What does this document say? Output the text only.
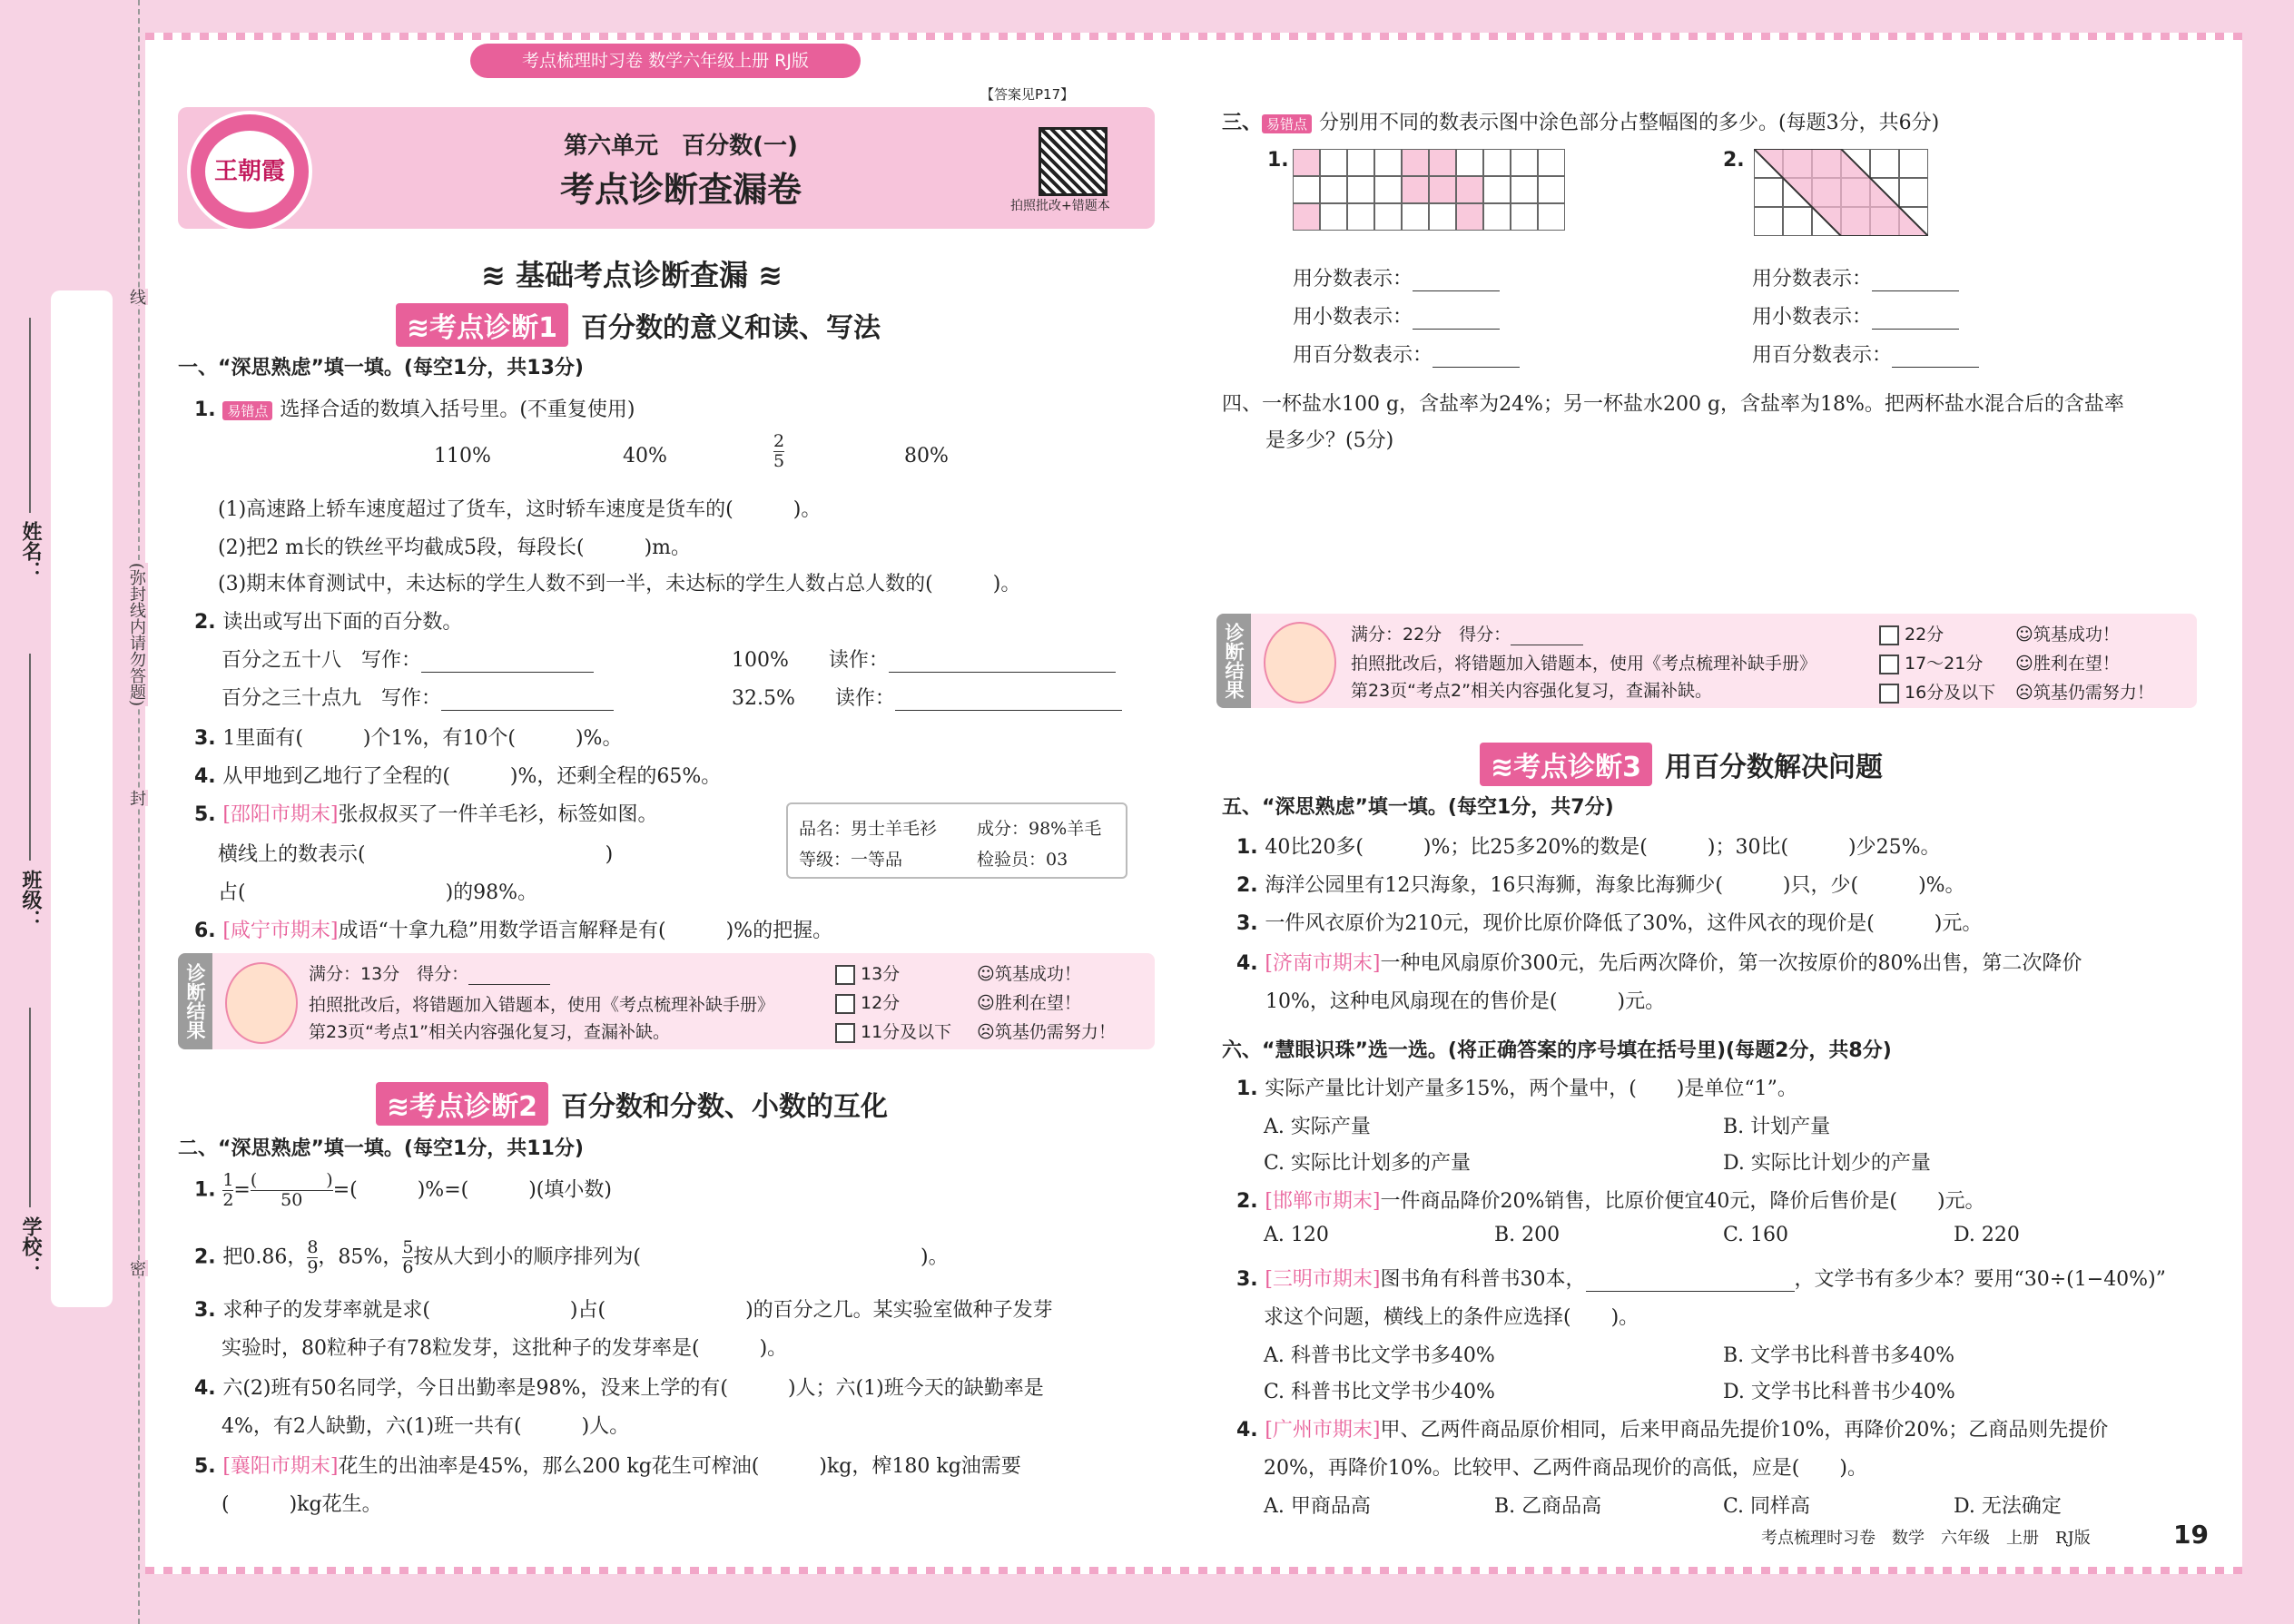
线
(弥封线内请勿答题)
封
密
学校：
班级：
姓名：
考点梳理时习卷 数学六年级上册 RJ版
【答案见P17】
王朝霞
第六单元　百分数(一)
考点诊断查漏卷	拍照批改+错题本
≋ 基础考点诊断查漏 ≋
≋考点诊断1 百分数的意义和读、写法
一、“深思熟虑”填一填。(每空1分，共13分)
1. 易错点 选择合适的数填入括号里。(不重复使用)
110%	40%	$\frac{2}{5}$	80%
(1)高速路上轿车速度超过了货车，这时轿车速度是货车的(　　　)。
(2)把2 m长的铁丝平均截成5段，每段长(　　　)m。
(3)期末体育测试中，未达标的学生人数不到一半，未达标的学生人数占总人数的(　　　)。
2. 读出或写出下面的百分数。
百分之五十八　 写作：	100%　　 读作：
百分之三十点九　 写作：	32.5%　　 读作：
3. 1里面有(　　　)个1%，有10个(　　　)%。
4. 从甲地到乙地行了全程的(　　　)%，还剩全程的65%。
5. [邵阳市期末]张叔叔买了一件羊毛衫，标签如图。
横线上的数表示(　　　　　　　　　　　　)
占(　　　　　　　　　　)的98%。
品名：男士羊毛衫 成分：98%羊毛
等级：一等品	检验员：03
6. [咸宁市期末]成语“十拿九稳”用数学语言解释是有(　　　)%的把握。
诊断结果	满分：13分　得分：
拍照批改后，将错题加入错题本，使用《考点梳理补缺手册》
第23页“考点1”相关内容强化复习，查漏补缺。
13分
12分
11分及以下
☺筑基成功！
☺胜利在望！
☹筑基仍需努力！
≋考点诊断2 百分数和分数、小数的互化
二、“深思熟虑”填一填。(每空1分，共11分)
1. $\frac{1}{2} = \frac{( )}{50}$ =(　　　)%=(　　　)(填小数)
2. 把0.86， $\frac{8}{9}$ ，85%， $\frac{5}{6}$ 按从大到小的顺序排列为(　　　　　　　　　　　　　　)。
3. 求种子的发芽率就是求(　　　　　　　)占(　　　　　　　)的百分之几。某实验室做种子发芽
实验时，80粒种子有78粒发芽，这批种子的发芽率是(　　　)。
4. 六(2)班有50名同学，今日出勤率是98%，没来上学的有(　　　)人；六(1)班今天的缺勤率是
4%，有2人缺勤，六(1)班一共有(　　　)人。
5. [襄阳市期末]花生的出油率是45%，那么200 kg花生可榨油(　　　)kg，榨180 kg油需要
(　　　)kg花生。
三、 易错点 分别用不同的数表示图中涂色部分占整幅图的多少。(每题3分，共6分)
1.	2.
用分数表示：
用小数表示：
用百分数表示：
用分数表示：
用小数表示：
用百分数表示：
四、一杯盐水100 g，含盐率为24%；另一杯盐水200 g，含盐率为18%。把两杯盐水混合后的含盐率
是多少？(5分)
诊断结果	满分：22分　得分：
拍照批改后，将错题加入错题本，使用《考点梳理补缺手册》
第23页“考点2”相关内容强化复习，查漏补缺。
22分
17～21分
16分及以下
☺筑基成功！
☺胜利在望！
☹筑基仍需努力！
≋考点诊断3 用百分数解决问题
五、“深思熟虑”填一填。(每空1分，共7分)
1. 40比20多(　　　)%；比25多20%的数是(　　　)；30比(　　　)少25%。
2. 海洋公园里有12只海象，16只海狮，海象比海狮少(　　　)只，少(　　　)%。
3. 一件风衣原价为210元，现价比原价降低了30%，这件风衣的现价是(　　　)元。
4. [济南市期末]一种电风扇原价300元，先后两次降价，第一次按原价的80%出售，第二次降价
10%，这种电风扇现在的售价是(　　　)元。
六、“慧眼识珠”选一选。(将正确答案的序号填在括号里)(每题2分，共8分)
1. 实际产量比计划产量多15%，两个量中，(　　)是单位“1”。
A. 实际产量	B. 计划产量
C. 实际比计划多的产量	D. 实际比计划少的产量
2. [邯郸市期末]一件商品降价20%销售，比原价便宜40元，降价后售价是(　　)元。
A. 120	B. 200	C. 160	D. 220
3. [三明市期末]图书角有科普书30本，	，文学书有多少本？要用“30÷(1−40%)”
求这个问题，横线上的条件应选择(　　)。
A. 科普书比文学书多40%	B. 文学书比科普书多40%
C. 科普书比文学书少40%	D. 文学书比科普书少40%
4. [广州市期末]甲、乙两件商品原价相同，后来甲商品先提价10%，再降价20%；乙商品则先提价
20%，再降价10%。比较甲、乙两件商品现价的高低，应是(　　)。
A. 甲商品高	B. 乙商品高	C. 同样高	D. 无法确定
考点梳理时习卷　数学　六年级　上册　RJ版	19
